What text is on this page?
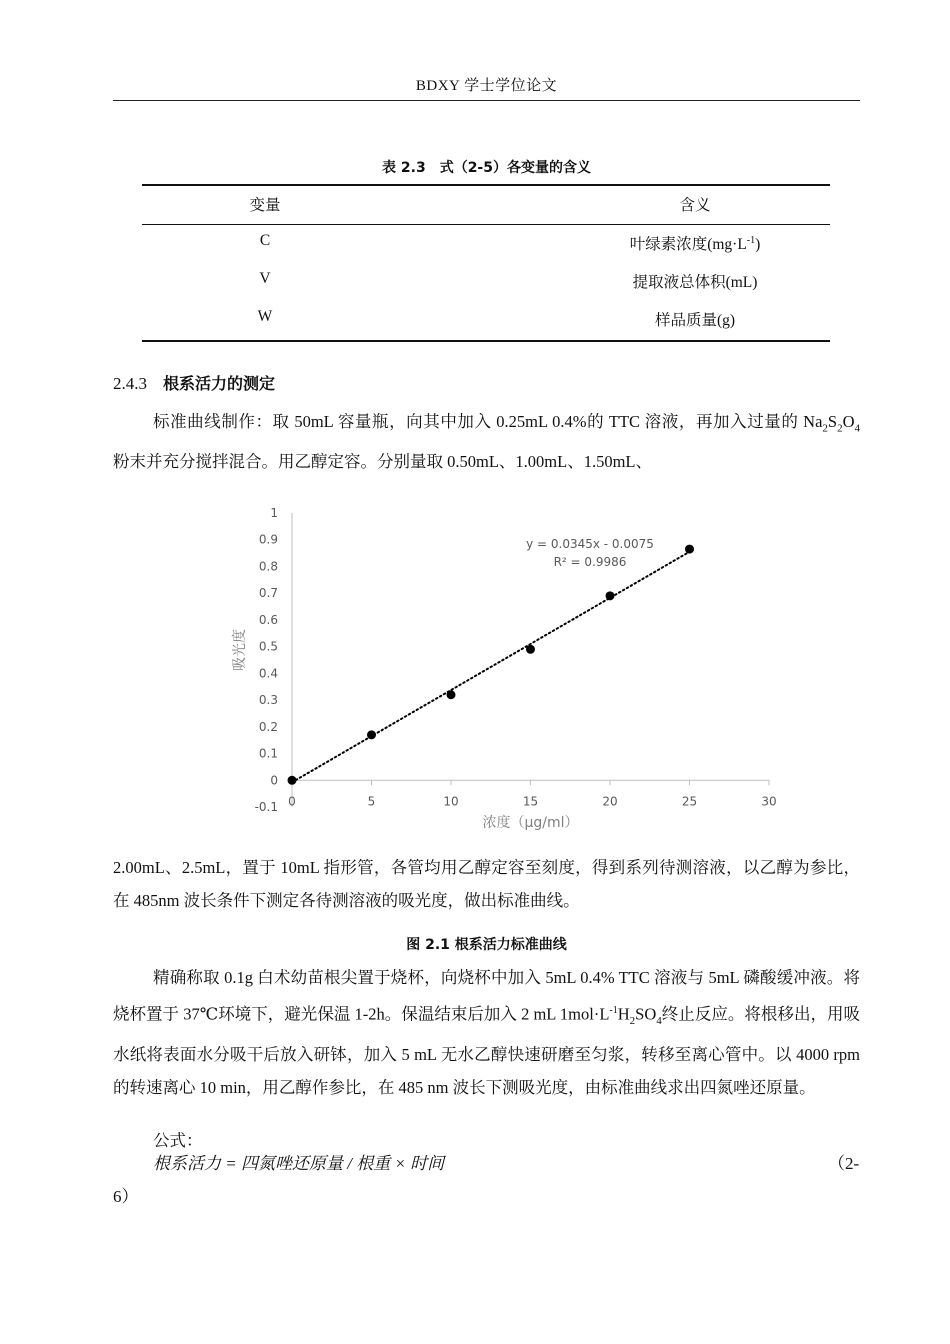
BDXY 学士学位论文
表 2.3　式（2-5）各变量的含义
变量	含义
C	叶绿素浓度$(mg\cdot L^{-1})$
V	提取液总体积(mL)
W	样品质量(g)
2.4.3 根系活力的测定

标准曲线制作：取 50mL 容量瓶，向其中加入 0.25mL 0.4%的 TTC 溶液，再加入过量的 $Na_2S_2O_4$ 粉末并充分搅拌混合。用乙醇定容。分别量取 0.50mL、1.00mL、1.50mL、

-0.1
0
0.1
0.2
0.3
0.4
0.5
0.6
0.7
0.8
0.9
1
0	5	10	15	20	25	30
浓度（μg/ml）
吸光度
y = 0.0345x - 0.0075
R² = 0.9986

2.00mL、2.5mL，置于 10mL 指形管，各管均用乙醇定容至刻度，得到系列待测溶液，以乙醇为参比，在 485nm 波长条件下测定各待测溶液的吸光度，做出标准曲线。

图 2.1 根系活力标准曲线

精确称取 0.1g 白术幼苗根尖置于烧杯，向烧杯中加入 5mL 0.4% TTC 溶液与 5mL 磷酸缓冲液。将烧杯置于 37℃环境下，避光保温 1-2h。保温结束后加入 2 mL $1mol\cdot L^{-1}H_2SO_4$终止反应。将根移出，用吸水纸将表面水分吸干后放入研钵，加入 5 mL 无水乙醇快速研磨至匀浆，转移至离心管中。以 4000 rpm 的转速离心 10 min，用乙醇作参比，在 485 nm 波长下测吸光度，由标准曲线求出四氮唑还原量。

公式：
根系活力 = 四氮唑还原量 / 根重 × 时间	（2-
6）
